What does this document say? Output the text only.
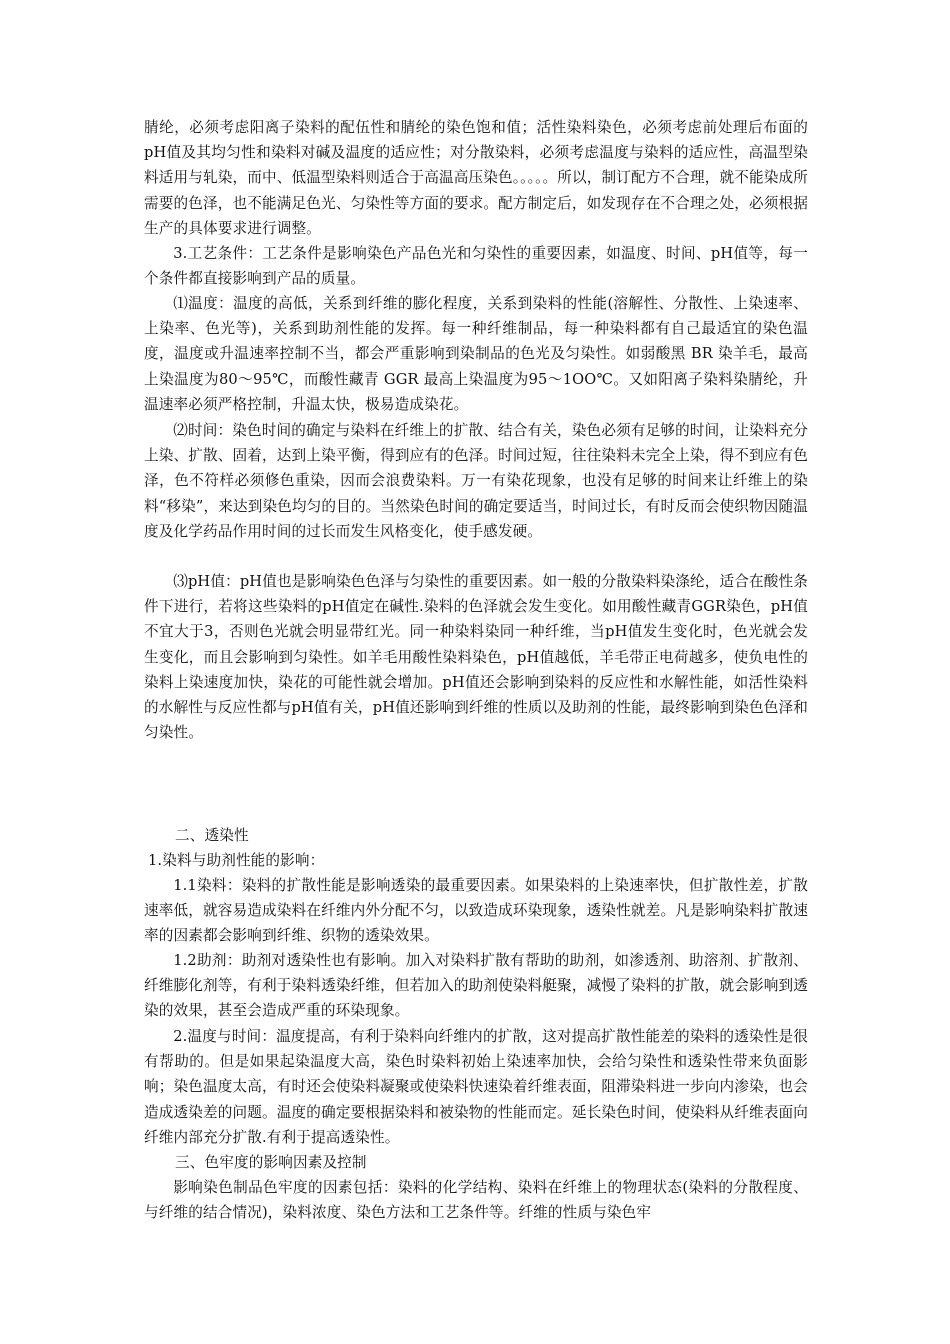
腈纶，必须考虑阳离子染料的配伍性和腈纶的染色饱和值；活性染料染色，必须考虑前处理后布面的pH值及其均匀性和染料对碱及温度的适应性；对分散染料，必须考虑温度与染料的适应性，高温型染料适用与轧染，而中、低温型染料则适合于高温高压染色。。。。。所以，制订配方不合理，就不能染成所需要的色泽，也不能满足色光、匀染性等方面的要求。配方制定后，如发现存在不合理之处，必须根据生产的具体要求进行调整。

3.工艺条件：工艺条件是影响染色产品色光和匀染性的重要因素，如温度、时间、pH值等，每一个条件都直接影响到产品的质量。

⑴温度：温度的高低，关系到纤维的膨化程度，关系到染料的性能(溶解性、分散性、上染速率、上染率、色光等)，关系到助剂性能的发挥。每一种纤维制品，每一种染料都有自己最适宜的染色温度，温度或升温速率控制不当，都会严重影响到染制品的色光及匀染性。如弱酸黑 BR 染羊毛，最高上染温度为80～95℃，而酸性藏青 GGR 最高上染温度为95～1OO℃。又如阳离子染料染腈纶，升温速率必须严格控制，升温太快，极易造成染花。

⑵时间：染色时间的确定与染料在纤维上的扩散、结合有关，染色必须有足够的时间，让染料充分上染、扩散、固着，达到上染平衡，得到应有的色泽。时间过短，往往染料未完全上染，得不到应有色泽，色不符样必须修色重染，因而会浪费染料。万一有染花现象，也没有足够的时间来让纤维上的染料“移染”，来达到染色均匀的目的。当然染色时间的确定要适当，时间过长，有时反而会使织物因随温度及化学药品作用时间的过长而发生风格变化，使手感发硬。

⑶pH值：pH值也是影响染色色泽与匀染性的重要因素。如一般的分散染料染涤纶，适合在酸性条件下进行，若将这些染料的pH值定在碱性.染料的色泽就会发生变化。如用酸性藏青GGR染色，pH值不宜大于3，否则色光就会明显带红光。同一种染料染同一种纤维，当pH值发生变化时，色光就会发生变化，而且会影响到匀染性。如羊毛用酸性染料染色，pH值越低，羊毛带正电荷越多，使负电性的染料上染速度加快，染花的可能性就会增加。pH值还会影响到染料的反应性和水解性能，如活性染料的水解性与反应性都与pH值有关，pH值还影响到纤维的性质以及助剂的性能，最终影响到染色色泽和匀染性。

二、透染性

1.染料与助剂性能的影响：

1.1染料：染料的扩散性能是影响透染的最重要因素。如果染料的上染速率快，但扩散性差，扩散速率低，就容易造成染料在纤维内外分配不匀，以致造成环染现象，透染性就差。凡是影响染料扩散速率的因素都会影响到纤维、织物的透染效果。

1.2助剂：助剂对透染性也有影响。加入对染料扩散有帮助的助剂，如渗透剂、助溶剂、扩散剂、纤维膨化剂等，有利于染料透染纤维，但若加入的助剂使染料艇聚，减慢了染料的扩散，就会影响到透染的效果，甚至会造成严重的环染现象。

2.温度与时间：温度提高，有利于染料向纤维内的扩散，这对提高扩散性能差的染料的透染性是很有帮助的。但是如果起染温度大高，染色时染料初始上染速率加快，会给匀染性和透染性带来负面影响；染色温度太高，有时还会使染料凝聚或使染料快速染着纤维表面，阻滞染料进一步向内渗染，也会造成透染差的问题。温度的确定要根据染料和被染物的性能而定。延长染色时间，使染料从纤维表面向纤维内部充分扩散.有利于提高透染性。

三、色牢度的影响因素及控制

影响染色制品色牢度的因素包括：染料的化学结构、染料在纤维上的物理状态(染料的分散程度、与纤维的结合情况)，染料浓度、染色方法和工艺条件等。纤维的性质与染色牢
